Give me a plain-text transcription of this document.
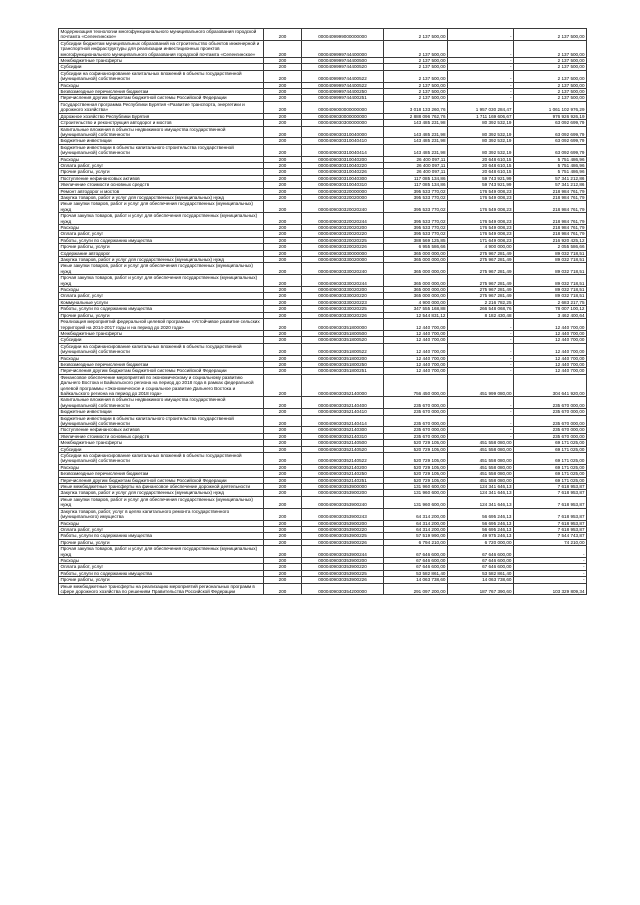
Модернизация технологии многофункционального муниципального образования городской почтамта «Селенгинское»	200	0000409999000000000	2 137 500,00	-	2 137 500,00
Субсидии бюджетам муниципальных образований на строительство объектов инженерной и транспортной инфраструктуры для реализации инвестиционных проектов многофункционального муниципального образования городской почтамта «Селенгинское»	200	0000409999744400000	2 137 500,00	-	2 137 500,00
Межбюджетные трансферты	200	0000409999744400500	2 137 500,00	-	2 137 500,00
Субсидии	200	0000409999744400520	2 137 500,00	-	2 137 500,00
Субсидии на софинансирование капитальных вложений в объекты государственной (муниципальной) собственности	200	0000409999744400522	2 137 500,00	-	2 137 500,00
Расходы	200	0000409999744400522	2 137 500,00	-	2 137 500,00
Безвозмездные перечисления бюджетам	200	0000409999744400250	2 137 500,00	-	2 137 500,00
Перечисления другим бюджетам бюджетной системы Российской Федерации	200	0000409999744400251	2 137 500,00	-	2 137 500,00
Государственная программа Республики Бурятия «Развитие транспорта, энергетики и дорожного хозяйства»	200	0000409000000000000	3 018 133 260,76	1 957 030 284,47	1 061 102 976,29
Дорожное хозяйство Республики Бурятия	200	0000409030000000000	2 888 096 762,76	1 711 169 606,67	976 926 926,19
Строительство и реконструкция автодорог и мостов	200	0000409030300000000	143 485 231,98	80 392 532,19	63 092 699,79
Капитальные вложения в объекты недвижимого имущества государственной (муниципальной) собственности	200	0000409030310040000	143 485 231,98	80 392 532,19	63 092 699,79
Бюджетные инвестиции	200	0000409030310040410	143 485 231,98	80 392 532,19	63 092 699,79
Бюджетные инвестиции в объекты капитального строительства государственной (муниципальной) собственности	200	0000409030310040414	143 485 231,98	80 392 532,19	63 092 699,79
Расходы	200	0000409030310040200	26 400 097,11	20 648 610,15	5 751 486,96
Оплата работ, услуг	200	0000409030310040220	26 400 097,11	20 648 610,15	5 751 486,96
Прочие работы, услуги	200	0000409030310040226	26 400 097,11	20 648 610,15	5 751 486,96
Поступление нефинансовых активов	200	0000409030310040300	117 085 134,86	59 743 921,99	57 341 212,86
Увеличение стоимости основных средств	200	0000409030310040310	117 085 134,86	59 743 921,99	57 341 212,86
Ремонт автодорог и мостов	200	0000409030320000000	395 533 770,02	176 549 008,23	218 984 761,79
Закупка товаров, работ и услуг для государственных (муниципальных) нужд	200	0000409030320020000	395 533 770,02	176 549 008,23	218 984 761,79
Иные закупки товаров, работ и услуг для обеспечения государственных (муниципальных) нужд	200	0000409030320020240	395 533 770,02	176 549 008,23	218 984 761,79
Прочая закупка товаров, работ и услуг для обеспечения государственных (муниципальных) нужд	200	0000409030320020244	395 533 770,02	176 549 008,23	218 984 761,79
Расходы	200	0000409030320020200	395 533 770,02	176 549 008,23	218 984 761,79
Оплата работ, услуг	200	0000409030320020220	395 533 770,02	176 549 008,23	218 984 761,79
Работы, услуги по содержанию имущества	200	0000409030320020225	388 569 125,85	171 649 008,23	216 920 425,12
Прочие работы, услуги	200	0000409030320020226	6 955 586,66	4 900 000,00	2 055 586,66
Содержание автодорог	200	0000409030330000000	365 000 000,00	275 967 281,49	89 032 718,51
Закупка товаров, работ и услуг для государственных (муниципальных) нужд	200	0000409030330020000	365 000 000,00	275 967 281,49	89 032 718,51
Иные закупки товаров, работ и услуг для обеспечения государственных (муниципальных) нужд	200	0000409030330020240	365 000 000,00	275 967 281,49	89 032 718,51
Прочая закупка товаров, работ и услуг для обеспечения государственных (муниципальных) нужд	200	0000409030330020244	365 000 000,00	275 967 281,49	89 032 718,51
Расходы	200	0000409030330020200	365 000 000,00	275 967 281,49	89 032 718,51
Оплата работ, услуг	200	0000409030330020220	365 000 000,00	275 967 281,49	89 032 718,51
Коммунальные услуги	200	0000409030330020223	4 900 000,00	2 216 782,25	2 683 217,75
Работы, услуги по содержанию имущества	200	0000409030330020225	347 555 168,88	266 548 068,76	78 007 100,12
Прочие работы, услуги	200	0000409030330020226	12 544 831,12	8 182 430,48	3 462 400,64
Реализация мероприятий федеральной целевой программы «Устойчивое развитие сельских территорий на 2014-2017 годы и на период до 2020 года»	200	0000409030351800000	12 440 700,00	-	12 440 700,00
Межбюджетные трансферты	200	0000409030351800500	12 440 700,00	-	12 440 700,00
Субсидии	200	0000409030351800520	12 440 700,00	-	12 440 700,00
Субсидии на софинансирование капитальных вложений в объекты государственной (муниципальной) собственности	200	0000409030351800522	12 440 700,00	-	12 440 700,00
Расходы	200	0000409030351800200	12 440 700,00	-	12 440 700,00
Безвозмездные перечисления бюджетам	200	0000409030351800250	12 440 700,00	-	12 440 700,00
Перечисления другим бюджетам бюджетной системы Российской Федерации	200	0000409030351800251	12 440 700,00	-	12 440 700,00
Финансовое обеспечение мероприятий по экономическому и социальному развитию Дальнего Востока и Байкальского региона на период до 2018 года в рамках федеральной целевой программы «Экономическое и социальное развитие Дальнего Востока и Байкальского региона на период до 2018 года»	200	0000409030352140000	756 450 000,00	451 999 080,00	304 641 920,00
Капитальные вложения в объекты недвижимого имущества государственной (муниципальной) собственности	200	0000409030352140400	235 670 000,00	-	235 670 000,00
Бюджетные инвестиции	200	0000409030352140410	235 670 000,00	-	235 670 000,00
Бюджетные инвестиции в объекты капитального строительства государственной (муниципальной) собственности	200	0000409030352140414	235 670 000,00	-	235 670 000,00
Поступление нефинансовых активов	200	0000409030352140300	235 670 000,00	-	235 670 000,00
Увеличение стоимости основных средств	200	0000409030352140310	235 670 000,00	-	235 670 000,00
Межбюджетные трансферты	200	0000409030352140500	520 729 105,00	451 558 080,00	69 171 025,00
Субсидии	200	0000409030352140520	520 729 105,00	451 558 080,00	69 171 025,00
Субсидии на софинансирование капитальных вложений в объекты государственной (муниципальной) собственности	200	0000409030352140522	520 729 105,00	451 558 080,00	69 171 025,00
Расходы	200	0000409030352140200	520 729 105,00	451 558 080,00	69 171 025,00
Безвозмездные перечисления бюджетам	200	0000409030352140250	520 729 105,00	451 558 080,00	69 171 025,00
Перечисления другим бюджетам бюджетной системы Российской Федерации	200	0000409030352140251	520 729 105,00	451 558 080,00	69 171 025,00
Иные межбюджетные трансферты на финансовое обеспечение дорожной деятельности	200	0000409030353900000	131 960 600,00	124 341 646,13	7 618 953,87
Закупка товаров, работ и услуг для государственных (муниципальных) нужд	200	0000409030353900200	131 960 600,00	124 341 646,13	7 618 953,87
Иные закупки товаров, работ и услуг для обеспечения государственных (муниципальных) нужд	200	0000409030353900240	131 960 600,00	124 341 646,13	7 618 953,87
Закупка товаров, работ, услуг в целях капитального ремонта государственного (муниципального) имущества	200	0000409030353900243	64 314 200,00	56 695 246,13	7 618 953,87
Расходы	200	0000409030353900200	64 314 200,00	56 695 246,13	7 618 953,87
Оплата работ, услуг	200	0000409030353900220	64 314 200,00	56 695 246,13	7 618 953,87
Работы, услуги по содержанию имущества	200	0000409030353900225	57 519 990,00	49 975 246,13	7 544 743,87
Прочие работы, услуги	200	0000409030353900226	6 794 210,00	6 720 000,00	74 210,00
Прочая закупка товаров, работ и услуг для обеспечения государственных (муниципальных) нужд	200	0000409030353900244	67 646 600,00	67 646 600,00	-
Расходы	200	0000409030353900200	67 646 600,00	67 646 600,00	-
Оплата работ, услуг	200	0000409030353900220	67 646 600,00	67 646 600,00	-
Работы, услуги по содержанию имущества	200	0000409030353900225	53 582 861,40	53 582 861,40	-
Прочие работы, услуги	200	0000409030353900226	14 063 738,60	14 063 738,60	-
Иные межбюджетные трансферты на реализацию мероприятий региональных программ в сфере дорожного хозяйства по решениям Правительства Российской Федерации	200	0000409030354200000	291 097 200,00	187 767 390,60	103 329 809,34
